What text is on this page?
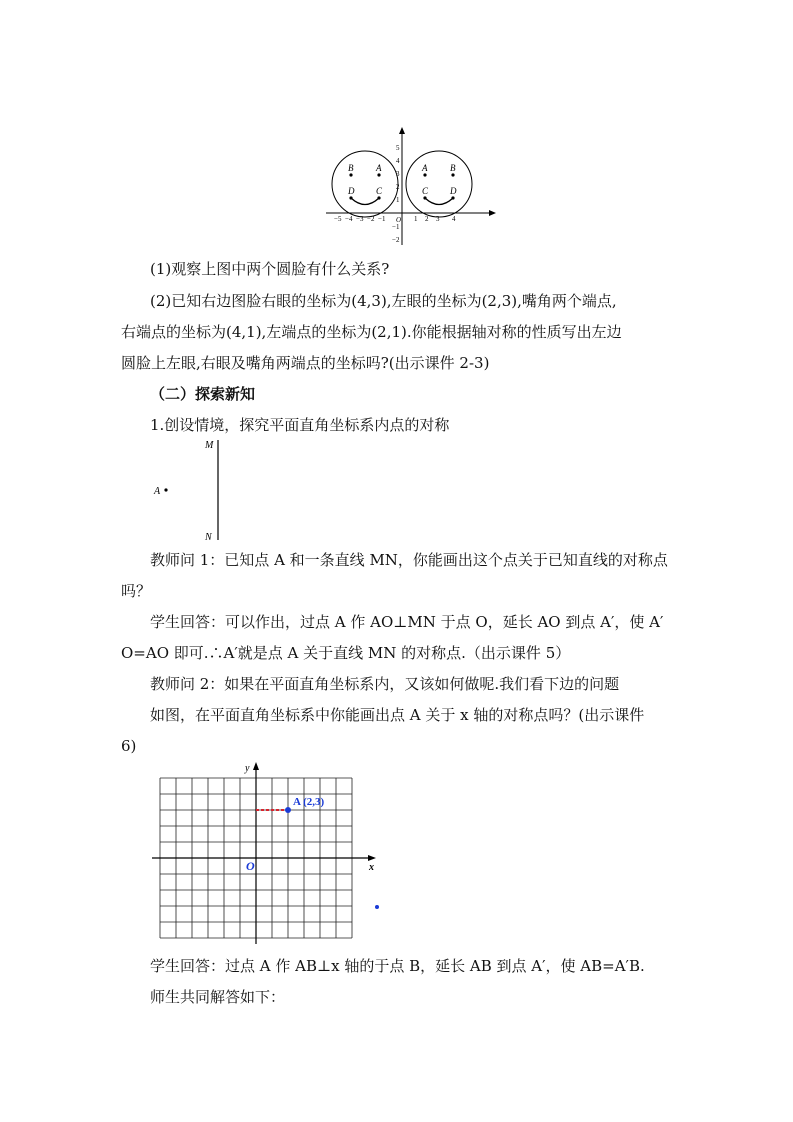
B	A
D C
A	B
C D
−5 −4 −3 −2 −1 O 1 2 3 4
5
4
3
2
1
−1
−2
(1)观察上图中两个圆脸有什么关系?
(2)已知右边图脸右眼的坐标为(4,3),左眼的坐标为(2,3),嘴角两个端点,
右端点的坐标为(4,1),左端点的坐标为(2,1).你能根据轴对称的性质写出左边
圆脸上左眼,右眼及嘴角两端点的坐标吗?(出示课件 2-3)
（二）探索新知
1.创设情境，探究平面直角坐标系内点的对称
M
N
A
教师问 1：已知点 A 和一条直线 MN，你能画出这个点关于已知直线的对称点
吗？
学生回答：可以作出，过点 A 作 AO⊥MN 于点 O，延长 AO 到点 A′，使 A′
O=AO 即可.∴A′就是点 A 关于直线 MN 的对称点.（出示课件 5）
教师问 2：如果在平面直角坐标系内，又该如何做呢.我们看下边的问题
如图，在平面直角坐标系中你能画出点 A 关于 x 轴的对称点吗？(出示课件
6)
x
y
O
A (2,3)
学生回答：过点 A 作 AB⊥x 轴的于点 B，延长 AB 到点 A′，使 AB=A′B.
师生共同解答如下：
